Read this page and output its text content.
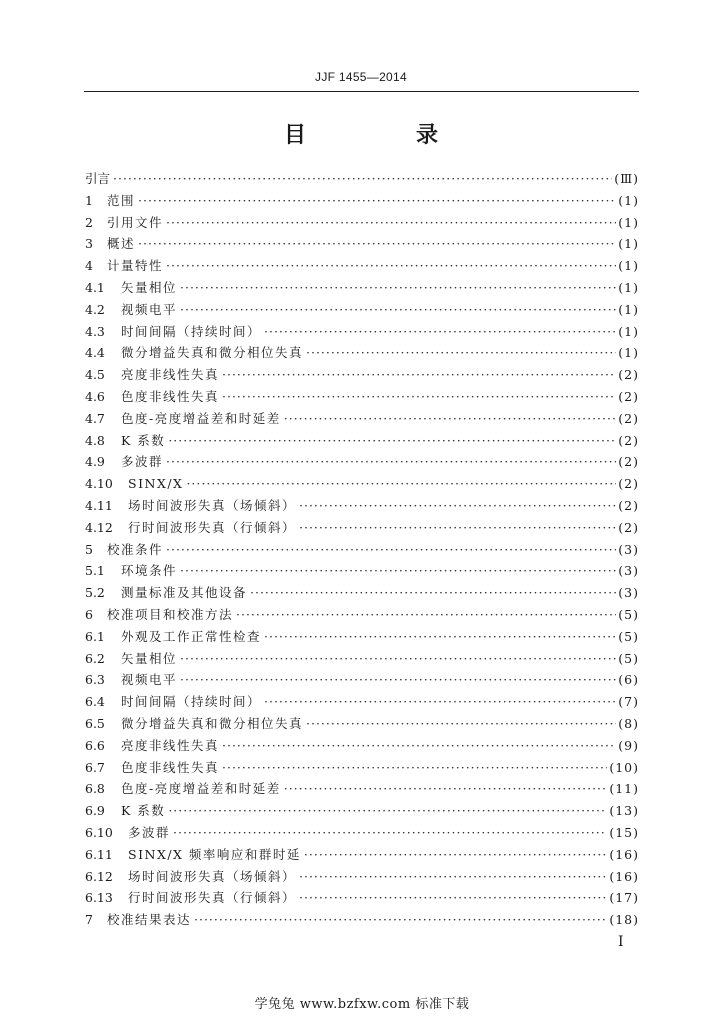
JJF 1455—2014
目　录
引言 ·····	(Ⅲ)
1	范围 ·····	(1)
2	引用文件 ·····	(1)
3	概述 ·····	(1)
4	计量特性 ·····	(1)
4.1	矢量相位 ·····	(1)
4.2	视频电平 ·····	(1)
4.3	时间间隔（持续时间） ·····	(1)
4.4	微分增益失真和微分相位失真 ·····	(1)
4.5	亮度非线性失真 ·····	(2)
4.6	色度非线性失真 ·····	(2)
4.7	色度-亮度增益差和时延差 ·····	(2)
4.8	K 系数 ·····	(2)
4.9	多波群 ·····	(2)
4.10	SINX/X ·····	(2)
4.11	场时间波形失真（场倾斜） ·····	(2)
4.12	行时间波形失真（行倾斜） ·····	(2)
5	校准条件 ·····	(3)
5.1	环境条件 ·····	(3)
5.2	测量标准及其他设备 ·····	(3)
6	校准项目和校准方法 ·····	(5)
6.1	外观及工作正常性检查 ·····	(5)
6.2	矢量相位 ·····	(5)
6.3	视频电平 ·····	(6)
6.4	时间间隔（持续时间） ·····	(7)
6.5	微分增益失真和微分相位失真 ·····	(8)
6.6	亮度非线性失真 ·····	(9)
6.7	色度非线性失真 ·····	(10)
6.8	色度-亮度增益差和时延差 ·····	(11)
6.9	K 系数 ·····	(13)
6.10	多波群 ·····	(15)
6.11	SINX/X 频率响应和群时延 ·····	(16)
6.12	场时间波形失真（场倾斜） ·····	(16)
6.13	行时间波形失真（行倾斜） ·····	(17)
7	校准结果表达 ·····	(18)
I
学兔兔 www.bzfxw.com 标准下载
